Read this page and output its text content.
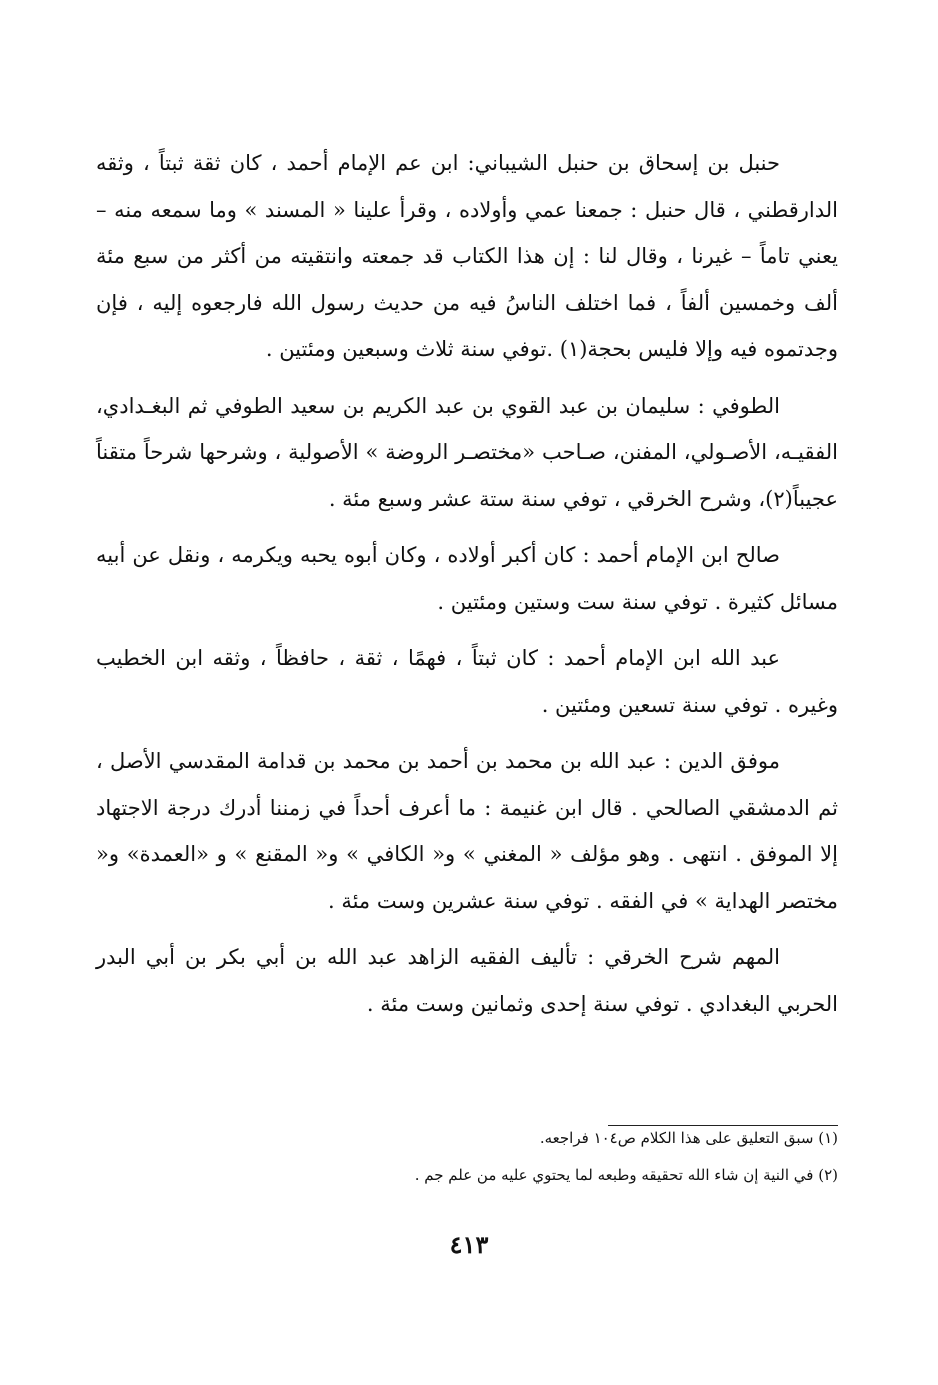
حنبل بن إسحاق بن حنبل الشيباني: ابن عم الإمام أحمد ، كان ثقة ثبتاً ، وثقه الدارقطني ، قال حنبل : جمعنا عمي وأولاده ، وقرأ علينا « المسند » وما سمعه منه – يعني تاماً – غيرنا ، وقال لنا : إن هذا الكتاب قد جمعته وانتقيته من أكثر من سبع مئة ألف وخمسين ألفاً ، فما اختلف الناسُ فيه من حديث رسول الله فارجعوه إليه ، فإن وجدتموه فيه وإلا فليس بحجة(١) .توفي سنة ثلاث وسبعين ومئتين .

الطوفي : سليمان بن عبد القوي بن عبد الكريم بن سعيد الطوفي ثم البغـدادي، الفقيـه، الأصـولي، المفنن، صـاحب «مختصـر الروضة » الأصولية ، وشرحها شرحاً متقناً عجيباً(٢)، وشرح الخرقي ، توفي سنة ستة عشر وسبع مئة .

صالح ابن الإمام أحمد : كان أكبر أولاده ، وكان أبوه يحبه ويكرمه ، ونقل عن أبيه مسائل كثيرة . توفي سنة ست وستين ومئتين .

عبد الله ابن الإمام أحمد : كان ثبتاً ، فهمًا ، ثقة ، حافظاً ، وثقه ابن الخطيب وغيره . توفي سنة تسعين ومئتين .

موفق الدين : عبد الله بن محمد بن أحمد بن محمد بن قدامة المقدسي الأصل ، ثم الدمشقي الصالحي . قال ابن غنيمة : ما أعرف أحداً في زمننا أدرك درجة الاجتهاد إلا الموفق . انتهى . وهو مؤلف « المغني » و« الكافي » و« المقنع » و «العمدة» و« مختصر الهداية » في الفقه . توفي سنة عشرين وست مئة .

المهم شرح الخرقي : تأليف الفقيه الزاهد عبد الله بن أبي بكر بن أبي البدر الحربي البغدادي . توفي سنة إحدى وثمانين وست مئة .

(١) سبق التعليق على هذا الكلام ص١٠٤ فراجعه.

(٢) في النية إن شاء الله تحقيقه وطبعه لما يحتوي عليه من علم جم .

٤١٣
